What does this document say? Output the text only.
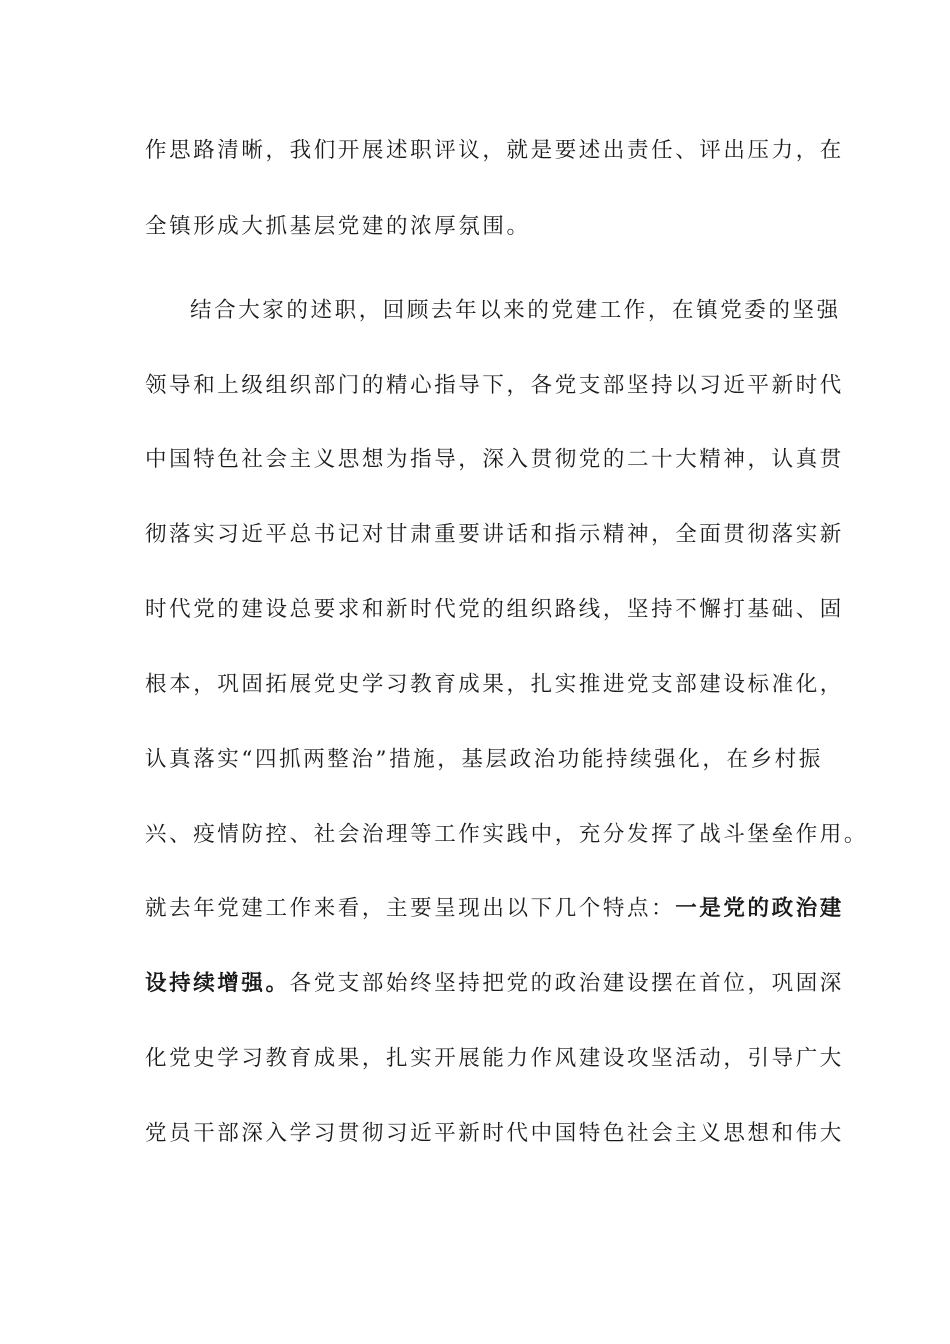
作思路清晰，我们开展述职评议，就是要述出责任、评出压力，在
全镇形成大抓基层党建的浓厚氛围。
结合大家的述职，回顾去年以来的党建工作，在镇党委的坚强
领导和上级组织部门的精心指导下，各党支部坚持以习近平新时代
中国特色社会主义思想为指导，深入贯彻党的二十大精神，认真贯
彻落实习近平总书记对甘肃重要讲话和指示精神，全面贯彻落实新
时代党的建设总要求和新时代党的组织路线，坚持不懈打基础、固
根本，巩固拓展党史学习教育成果，扎实推进党支部建设标准化，
认真落实“四抓两整治”措施，基层政治功能持续强化，在乡村振
兴、疫情防控、社会治理等工作实践中，充分发挥了战斗堡垒作用。
就去年党建工作来看，主要呈现出以下几个特点：一是党的政治建
设持续增强。各党支部始终坚持把党的政治建设摆在首位，巩固深
化党史学习教育成果，扎实开展能力作风建设攻坚活动，引导广大
党员干部深入学习贯彻习近平新时代中国特色社会主义思想和伟大
